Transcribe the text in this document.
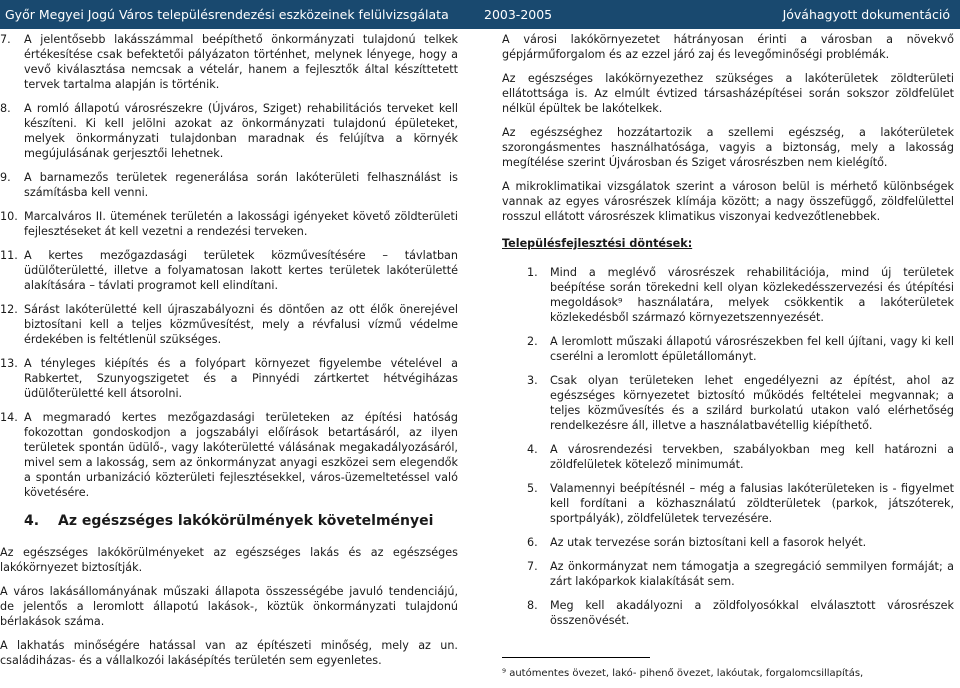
Győr Megyei Jogú Város településrendezési eszközeinek felülvizsgálata	2003-2005	Jóváhagyott dokumentáció
7. A jelentősebb lakásszámmal beépíthető önkormányzati tulajdonú telkek értékesítése csak befektetői pályázaton történhet, melynek lényege, hogy a vevő kiválasztása nemcsak a vételár, hanem a fejlesztők által készíttetett tervek tartalma alapján is történik.
8. A romló állapotú városrészekre (Újváros, Sziget) rehabilitációs terveket kell készíteni. Ki kell jelölni azokat az önkormányzati tulajdonú épületeket, melyek önkormányzati tulajdonban maradnak és felújítva a környék megújulásának gerjesztői lehetnek.
9. A barnamezős területek regenerálása során lakóterületi felhasználást is számításba kell venni.
10. Marcalváros II. ütemének területén a lakossági igényeket követő zöldterületi fejlesztéseket át kell vezetni a rendezési terveken.
11. A kertes mezőgazdasági területek közművesítésére – távlatban üdülőterületté, illetve a folyamatosan lakott kertes területek lakóterületté alakítására – távlati programot kell elindítani.
12. Sárást lakóterületté kell újraszabályozni és döntően az ott élők önerejével biztosítani kell a teljes közművesítést, mely a révfalusi vízmű védelme érdekében is feltétlenül szükséges.
13. A tényleges kiépítés és a folyópart környezet figyelembe vételével a Rabkertet, Szunyogszigetet és a Pinnyédi zártkertet hétvégiházas üdülőterületté kell átsorolni.
14. A megmaradó kertes mezőgazdasági területeken az építési hatóság fokozottan gondoskodjon a jogszabályi előírások betartásáról, az ilyen területek spontán üdülő-, vagy lakóterületté válásának megakadályozásáról, mivel sem a lakosság, sem az önkormányzat anyagi eszközei sem elegendők a spontán urbanizáció közterületi fejlesztésekkel, város-üzemeltetéssel való követésére.
4. Az egészséges lakókörülmények követelményei

Az egészséges lakókörülményeket az egészséges lakás és az egészséges lakókörnyezet biztosítják.

A város lakásállományának műszaki állapota összességébe javuló tendenciájú, de jelentős a leromlott állapotú lakások-, köztük önkormányzati tulajdonú bérlakások száma.

A lakhatás minőségére hatással van az építészeti minőség, mely az un. családiházas- és a vállalkozói lakásépítés területén sem egyenletes.

A városi lakókörnyezetet hátrányosan érinti a városban a növekvő gépjárműforgalom és az ezzel járó zaj és levegőminőségi problémák.

Az egészséges lakókörnyezethez szükséges a lakóterületek zöldterületi ellátottsága is. Az elmúlt évtized társasházépítései során sokszor zöldfelület nélkül épültek be lakótelkek.

Az egészséghez hozzátartozik a szellemi egészség, a lakóterületek szorongásmentes használhatósága, vagyis a biztonság, mely a lakosság megítélése szerint Újvárosban és Sziget városrészben nem kielégítő.

A mikroklimatikai vizsgálatok szerint a városon belül is mérhető különbségek vannak az egyes városrészek klímája között; a nagy összefüggő, zöldfelülettel rosszul ellátott városrészek klimatikus viszonyai kedvezőtlenebbek.

Településfejlesztési döntések:
1. Mind a meglévő városrészek rehabilitációja, mind új területek beépítése során törekedni kell olyan közlekedésszervezési és útépítési megoldások⁹ használatára, melyek csökkentik a lakóterületek közlekedésből származó környezetszennyezését.
2. A leromlott műszaki állapotú városrészekben fel kell újítani, vagy ki kell cserélni a leromlott épületállományt.
3. Csak olyan területeken lehet engedélyezni az építést, ahol az egészséges környezetet biztosító működés feltételei megvannak; a teljes közművesítés és a szilárd burkolatú utakon való elérhetőség rendelkezésre áll, illetve a használatbavétellig kiépíthető.
4. A városrendezési tervekben, szabályokban meg kell határozni a zöldfelületek kötelező minimumát.
5. Valamennyi beépítésnél – még a falusias lakóterületeken is - figyelmet kell fordítani a közhasználatú zöldterületek (parkok, játszóterek, sportpályák), zöldfelületek tervezésére.
6. Az utak tervezése során biztosítani kell a fasorok helyét.
7. Az önkormányzat nem támogatja a szegregáció semmilyen formáját; a zárt lakóparkok kialakítását sem.
8. Meg kell akadályozni a zöldfolyosókkal elválasztott városrészek összenövését.
⁹ autómentes övezet, lakó- pihenő övezet, lakóutak, forgalomcsillapítás,
